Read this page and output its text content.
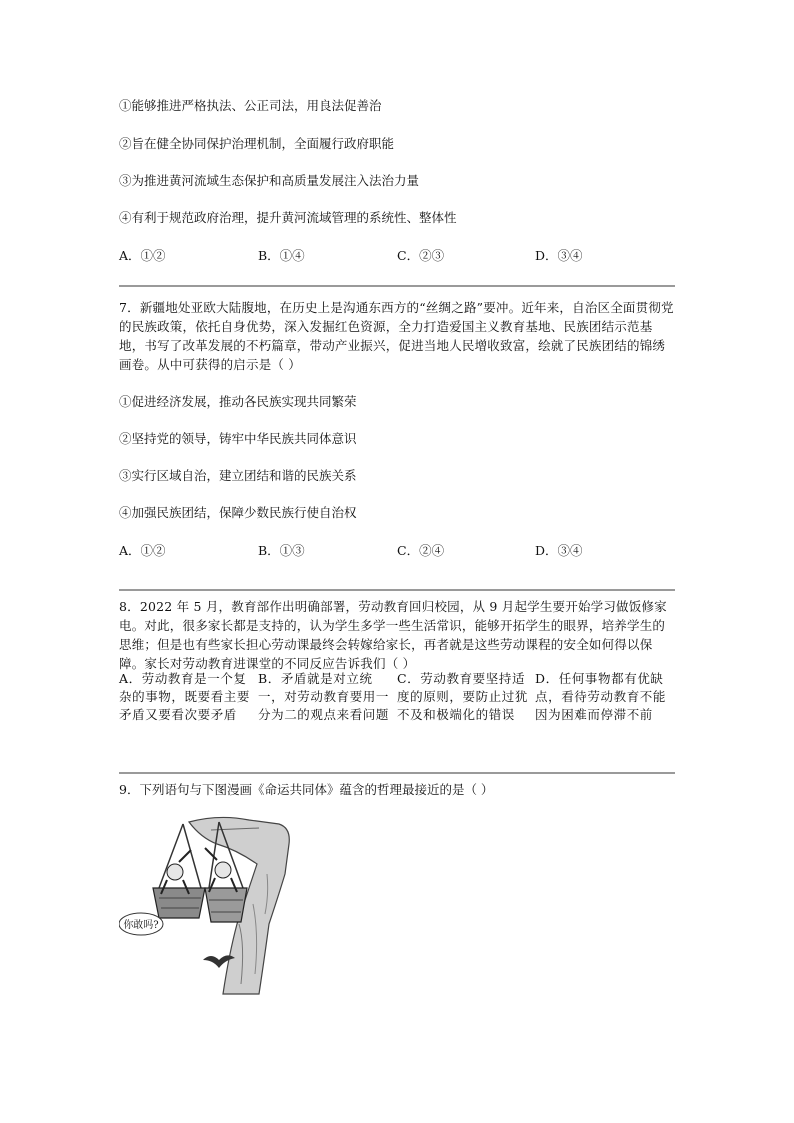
①能够推进严格执法、公正司法，用良法促善治
②旨在健全协同保护治理机制，全面履行政府职能
③为推进黄河流域生态保护和高质量发展注入法治力量
④有利于规范政府治理，提升黄河流域管理的系统性、整体性
A．①②	B．①④	C．②③	D．③④
7．新疆地处亚欧大陆腹地，在历史上是沟通东西方的“丝绸之路”要冲。近年来，自治区全面贯彻党的民族政策，依托自身优势，深入发掘红色资源，全力打造爱国主义教育基地、民族团结示范基地，书写了改革发展的不朽篇章，带动产业振兴，促进当地人民增收致富，绘就了民族团结的锦绣画卷。从中可获得的启示是（ ）
①促进经济发展，推动各民族实现共同繁荣
②坚持党的领导，铸牢中华民族共同体意识
③实行区域自治，建立团结和谐的民族关系
④加强民族团结，保障少数民族行使自治权
A．①②	B．①③	C．②④	D．③④
8．2022 年 5 月，教育部作出明确部署，劳动教育回归校园，从 9 月起学生要开始学习做饭修家电。对此，很多家长都是支持的，认为学生多学一些生活常识，能够开拓学生的眼界，培养学生的思维；但是也有些家长担心劳动课最终会转嫁给家长，再者就是这些劳动课程的安全如何得以保障。家长对劳动教育进课堂的不同反应告诉我们（ ）
A．劳动教育是一个复杂的事物，既要看主要矛盾又要看次要矛盾
B．矛盾就是对立统一，对劳动教育要用一分为二的观点来看问题
C．劳动教育要坚持适度的原则，要防止过犹不及和极端化的错误
D．任何事物都有优缺点，看待劳动教育不能因为困难而停滞不前
9．下列语句与下图漫画《命运共同体》蕴含的哲理最接近的是（ ）
你敢吗?
